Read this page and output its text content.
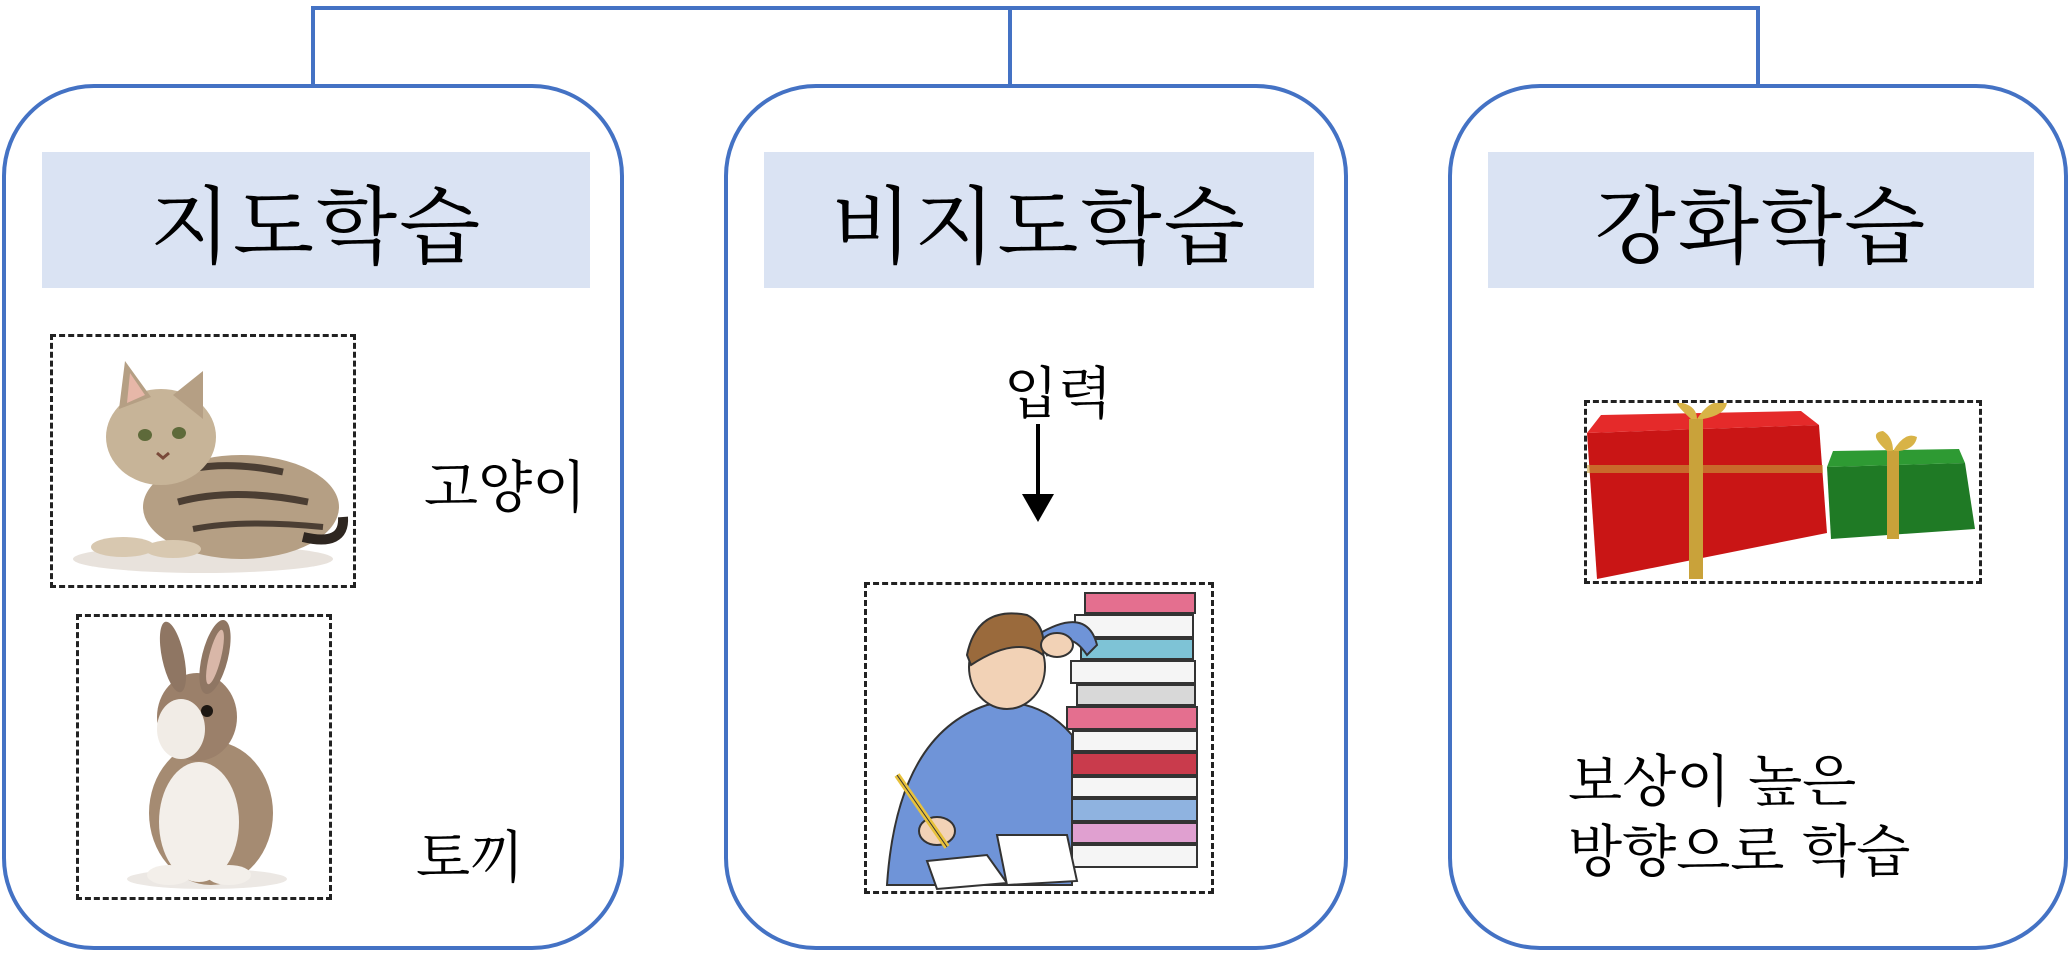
지도학습
고양이
토끼
비지도학습
입력
강화학습
보상이 높은
방향으로 학습
